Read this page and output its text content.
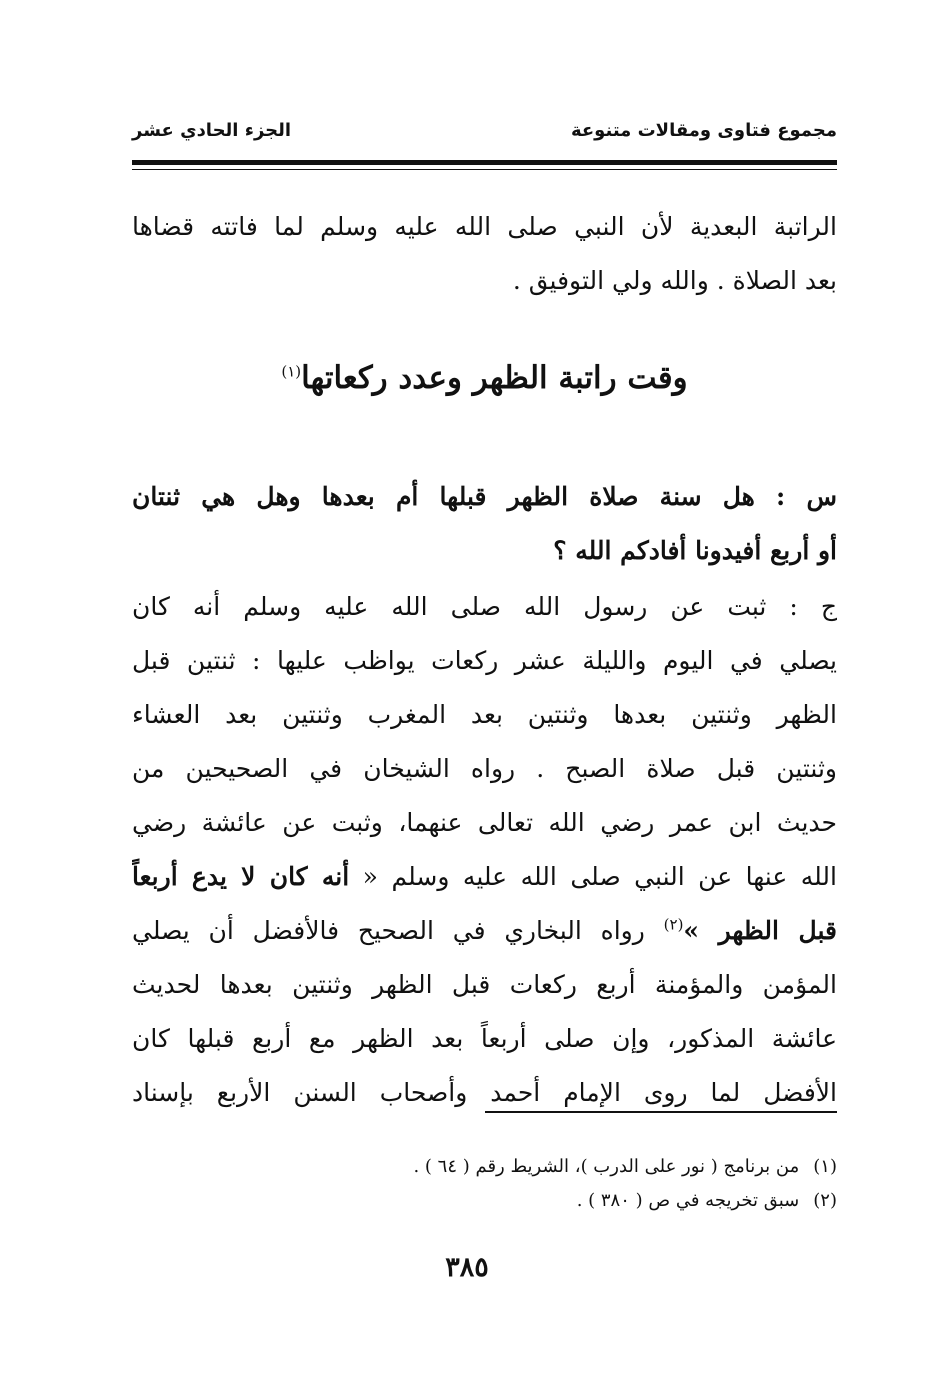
مجموع فتاوى ومقالات متنوعة
الجزء الحادي عشر
الراتبة البعدية لأن النبي صلى الله عليه وسلم لما فاتته قضاها
بعد الصلاة . والله ولي التوفيق .
وقت راتبة الظهر وعدد ركعاتها$^{(١)}$
س : هل سنة صلاة الظهر قبلها أم بعدها وهل هي ثنتان
أو أربع أفيدونا أفادكم الله ؟
ج : ثبت عن رسول الله صلى الله عليه وسلم أنه كان
يصلي في اليوم والليلة عشر ركعات يواظب عليها : ثنتين قبل
الظهر وثنتين بعدها وثنتين بعد المغرب وثنتين بعد العشاء
وثنتين قبل صلاة الصبح . رواه الشيخان في الصحيحين من
حديث ابن عمر رضي الله تعالى عنهما، وثبت عن عائشة رضي
الله عنها عن النبي صلى الله عليه وسلم « أنه كان لا يدع أربعاً
قبل الظهر »$^{(٢)}$ رواه البخاري في الصحيح فالأفضل أن يصلي
المؤمن والمؤمنة أربع ركعات قبل الظهر وثنتين بعدها لحديث
عائشة المذكور، وإن صلى أربعاً بعد الظهر مع أربع قبلها كان
الأفضل لما روى الإمام أحمد وأصحاب السنن الأربع بإسناد
(١)من برنامج ( نور على الدرب )، الشريط رقم ( ٦٤ ) .
(٢)سبق تخريجه في ص ( ٣٨٠ ) .
٣٨٥
